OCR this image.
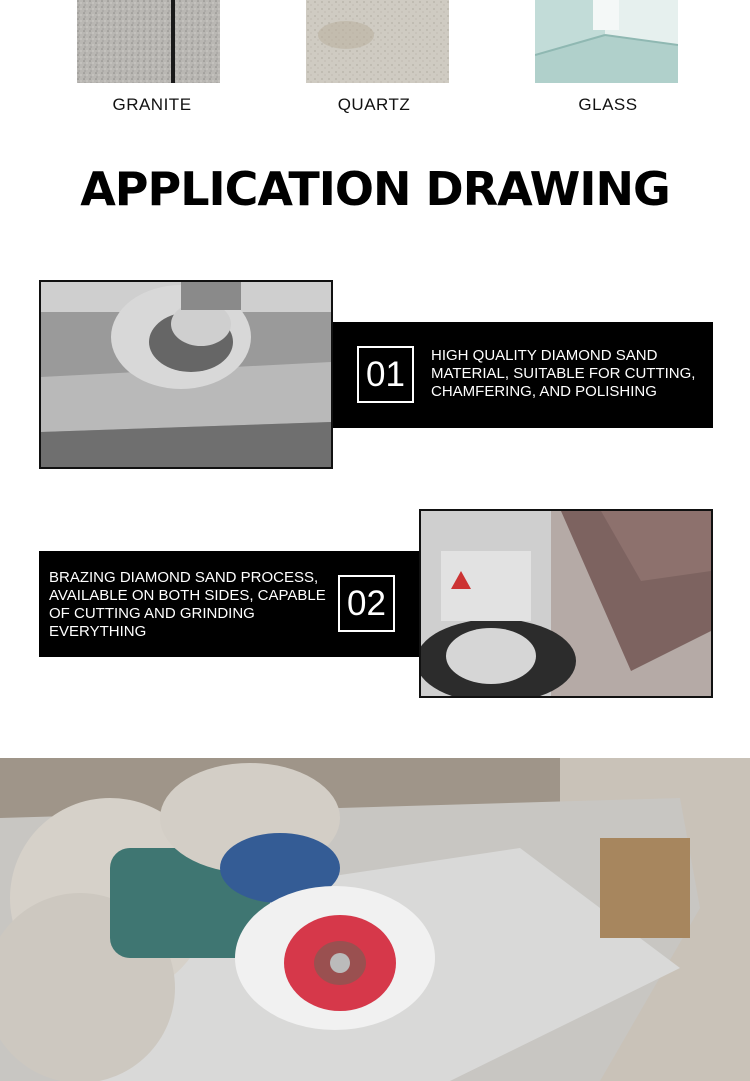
GRANITE	QUARTZ	GLASS
APPLICATION DRAWING
01	HIGH QUALITY DIAMOND SAND MATERIAL, SUITABLE FOR CUTTING, CHAMFERING, AND POLISHING
BRAZING DIAMOND SAND PROCESS, AVAILABLE ON BOTH SIDES, CAPABLE OF CUTTING AND GRINDING EVERYTHING
02
